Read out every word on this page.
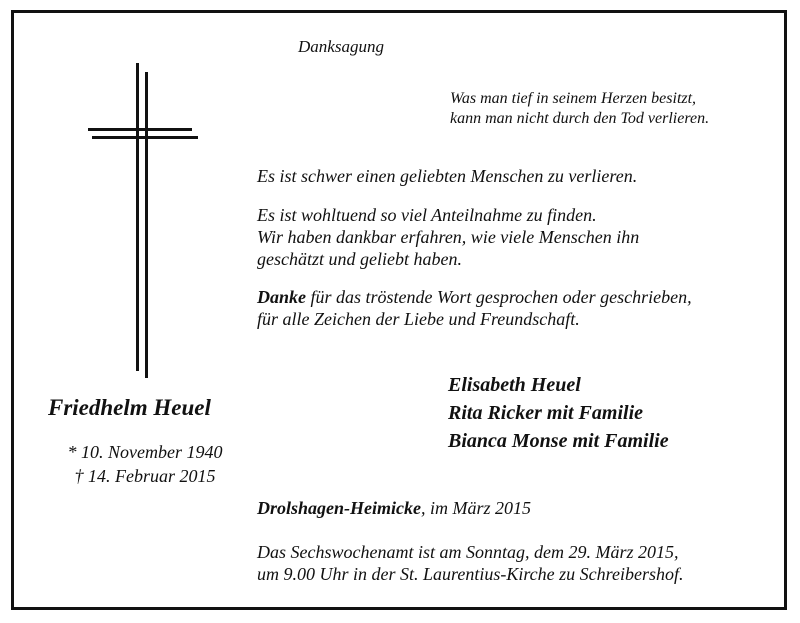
Danksagung
Was man tief in seinem Herzen besitzt,
kann man nicht durch den Tod verlieren.
Es ist schwer einen geliebten Menschen zu verlieren.
Es ist wohltuend so viel Anteilnahme zu finden.
Wir haben dankbar erfahren, wie viele Menschen ihn
geschätzt und geliebt haben.
Danke für das tröstende Wort gesprochen oder geschrieben,
für alle Zeichen der Liebe und Freundschaft.
Elisabeth Heuel
Rita Ricker mit Familie
Bianca Monse mit Familie
Friedhelm Heuel
* 10. November 1940
† 14. Februar 2015
Drolshagen-Heimicke, im März 2015
Das Sechswochenamt ist am Sonntag, dem 29. März 2015,
um 9.00 Uhr in der St. Laurentius-Kirche zu Schreibershof.
